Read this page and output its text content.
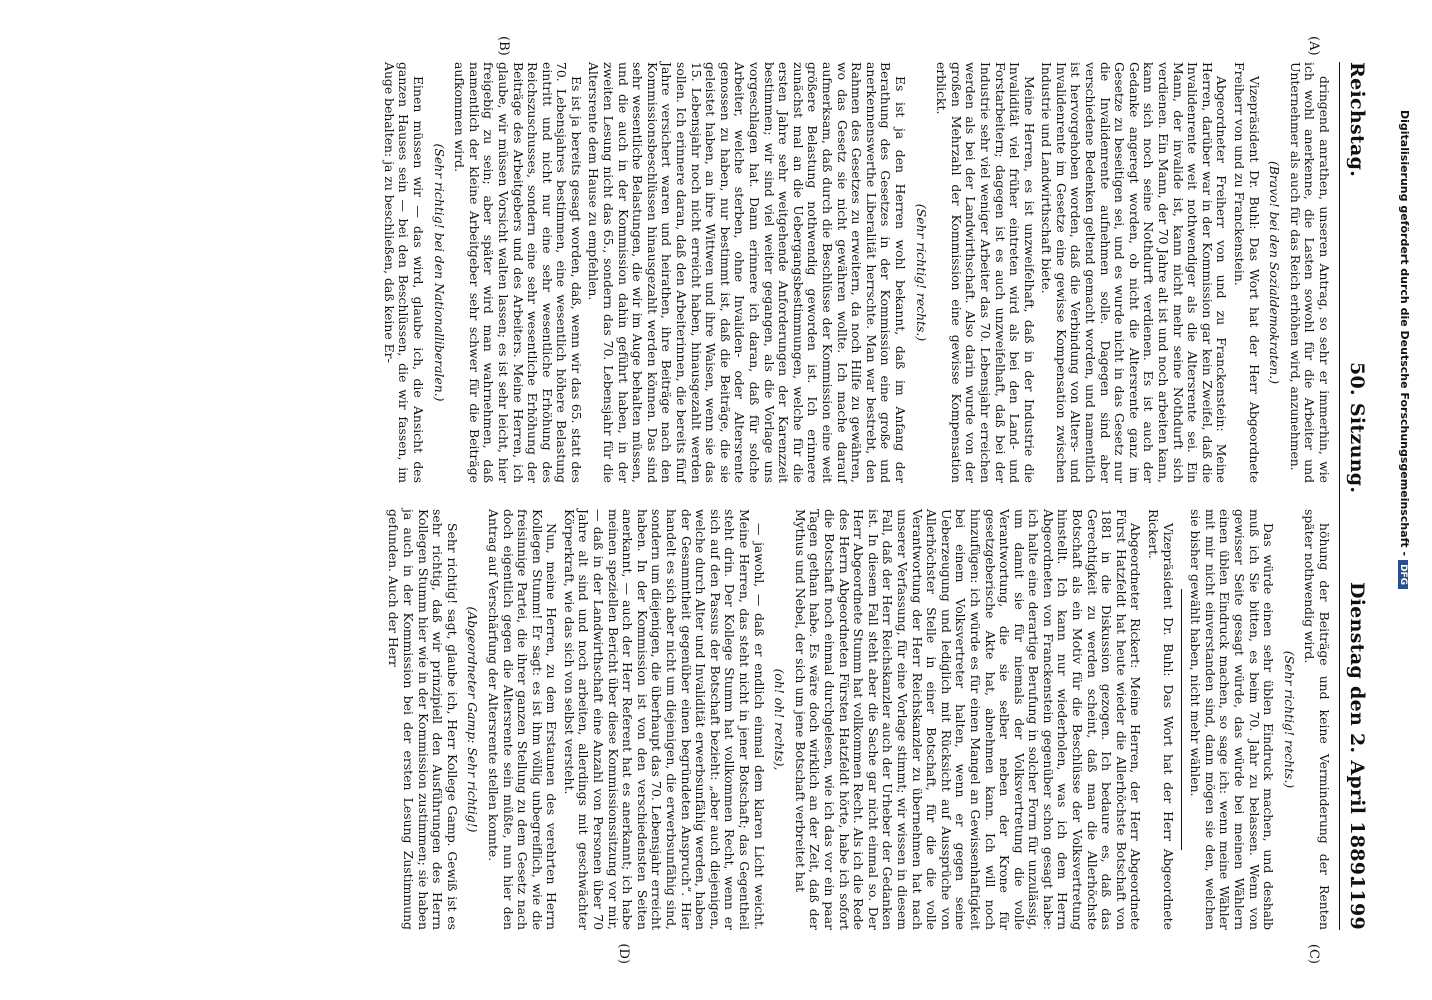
Reichstag.
50. Sitzung.
Dienstag den 2. April 1889.
1199
(A)
(B)
(C)
(D)

dringend anrathen, unseren Antrag, so sehr er immerhin, wie ich wohl anerkenne, die Lasten sowohl für die Arbeiter und Unternehmer als auch für das Reich erhöhen wird, anzunehmen.

(Bravo! bei den Sozialdemokraten.)

Vizepräsident Dr. Buhl: Das Wort hat der Herr Abgeordnete Freiherr von und zu Franckenstein.

Abgeordneter Freiherr von und zu Franckenstein: Meine Herren, darüber war in der Kommission gar kein Zweifel, daß die Invalidenrente weit nothwendiger als die Altersrente sei. Ein Mann, der invalide ist, kann nicht mehr seine Nothdurft sich verdienen. Ein Mann, der 70 Jahre alt ist und noch arbeiten kann, kann sich noch seine Nothdurft verdienen. Es ist auch der Gedanke angeregt worden, ob nicht die Altersrente ganz im Gesetze zu beseitigen sei, und es wurde nicht in das Gesetz nur die Invalidenrente aufnehmen solle. Dagegen sind aber verschiedene Bedenken geltend gemacht worden, und namentlich ist hervorgehoben worden, daß die Verbindung von Alters- und Invalidenrente im Gesetze eine gewisse Kompensation zwischen Industrie und Landwirthschaft biete.

Meine Herren, es ist unzweifelhaft, daß in der Industrie die Invalidität viel früher eintreten wird als bei den Land- und Forstarbeitern; dagegen ist es auch unzweifelhaft, daß bei der Industrie sehr viel weniger Arbeiter das 70. Lebensjahr erreichen werden als bei der Landwirthschaft. Also darin wurde von der großen Mehrzahl der Kommission eine gewisse Kompensation erblickt.

(Sehr richtig! rechts.)

Es ist ja den Herren wohl bekannt, daß im Anfang der Berathung des Gesetzes in der Kommission eine große und anerkennenswerthe Liberalität herrschte. Man war bestrebt, den Rahmen des Gesetzes zu erweitern, da noch Hilfe zu gewähren, wo das Gesetz sie nicht gewähren wollte. Ich mache darauf aufmerksam, daß durch die Beschlüsse der Kommission eine weit größere Belastung nothwendig geworden ist. Ich erinnere zunächst mal an die Uebergangsbestimmungen, welche für die ersten Jahre sehr weitgehende Anforderungen der Karenzzeit bestimmen; wir sind viel weiter gegangen, als die Vorlage uns vorgeschlagen hat. Dann erinnere ich daran, daß für solche Arbeiter, welche sterben, ohne Invaliden- oder Altersrente genossen zu haben, nur bestimmt ist, daß die Beiträge, die sie geleistet haben, an ihre Wittwen und ihre Waisen, wenn sie das 15. Lebensjahr noch nicht erreicht haben, hinausgezahlt werden sollen. Ich erinnere daran, daß den Arbeiterinnen, die bereits fünf Jahre versichert waren und heirathen, ihre Beiträge nach den Kommissionsbeschlüssen hinausgezahlt werden können. Das sind sehr wesentliche Belastungen, die wir im Auge behalten müssen, und die auch in der Kommission dahin geführt haben, in der zweiten Lesung nicht das 65., sondern das 70. Lebensjahr für die Altersrente dem Hause zu empfehlen.

Es ist ja bereits gesagt worden, daß, wenn wir das 65. statt des 70. Lebensjahres bestimmen, eine wesentlich höhere Belastung eintritt und nicht nur eine sehr wesentliche Erhöhung des Reichszuschusses, sondern eine sehr wesentliche Erhöhung der Beiträge des Arbeitgebers und des Arbeiters. Meine Herren, ich glaube, wir müssen Vorsicht walten lassen; es ist sehr leicht, hier freigebig zu sein; aber später wird man wahrnehmen, daß namentlich der kleine Arbeitgeber sehr schwer für die Beiträge aufkommen wird.

(Sehr richtig! bei den Nationalliberalen.)

Einen müssen wir — das wird, glaube ich, die Ansicht des ganzen Hauses sein — bei den Beschlüssen, die wir fassen, im Auge behalten: ja zu beschließen, daß keine Er-

höhung der Beiträge und keine Verminderung der Renten später nothwendig wird.

(Sehr richtig! rechts.)

Das würde einen sehr üblen Eindruck machen, und deshalb muß ich Sie bitten, es beim 70. Jahr zu belassen. Wenn von gewisser Seite gesagt würde, das würde bei meinen Wählern einen üblen Eindruck machen, so sage ich: wenn meine Wähler mit mir nicht einverstanden sind, dann mögen sie den, welchen sie bisher gewählt haben, nicht mehr wählen.

Vizepräsident Dr. Buhl: Das Wort hat der Herr Abgeordnete Rickert.

Abgeordneter Rickert: Meine Herren, der Herr Abgeordnete Fürst Hatzfeldt hat heute wieder die Allerhöchste Botschaft von 1881 in die Diskussion gezogen. Ich bedaure es, daß das Gerechtigkeit zu werden scheint, daß man die Allerhöchste Botschaft als ein Motiv für die Beschlüsse der Volksvertretung hinstellt. Ich kann nur wiederholen, was ich dem Herrn Abgeordneten von Franckenstein gegenüber schon gesagt habe: ich halte eine derartige Berufung in solcher Form für unzulässig, um damit sie für niemals der Volksvertretung die volle Verantwortung, die sie selber neben der Krone für gesetzgeberische Akte hat, abnehmen kann. Ich will noch hinzufügen: ich würde es für einen Mangel an Gewissenhaftigkeit bei einem Volksvertreter halten, wenn er gegen seine Ueberzeugung und lediglich mit Rücksicht auf Aussprüche von Allerhöchster Stelle in einer Botschaft, für die die volle Verantwortung der Herr Reichskanzler zu übernehmen hat nach unserer Verfassung, für eine Vorlage stimmt; wir wissen in diesem Fall, daß der Herr Reichskanzler auch der Urheber der Gedanken ist. In diesem Fall steht aber die Sache gar nicht einmal so. Der Herr Abgeordnete Stumm hat vollkommen Recht. Als ich die Rede des Herrn Abgeordneten Fürsten Hatzfeldt hörte, habe ich sofort die Botschaft noch einmal durchgelesen, wie ich das vor ein paar Tagen gethan habe. Es wäre doch wirklich an der Zeit, daß der Mythus und Nebel, der sich um jene Botschaft verbreitet hat

(oh! oh! rechts),

— jawohl, — daß er endlich einmal dem klaren Licht weicht. Meine Herren, das steht nicht in jener Botschaft; das Gegentheil steht drin. Der Kollege Stumm hat vollkommen Recht, wenn er sich auf den Passus der Botschaft bezieht: „aber auch diejenigen, welche durch Alter und Invalidität erwerbsunfähig werden, haben der Gesammtheit gegenüber einen begründeten Anspruch“. Hier handelt es sich aber nicht um diejenigen, die erwerbsunfähig sind, sondern um diejenigen, die überhaupt das 70. Lebensjahr erreicht haben. In der Kommission ist von den verschiedensten Seiten anerkannt, — auch der Herr Referent hat es anerkannt; ich habe meinen speziellen Bericht über diese Kommissionssitzung vor mir, — daß in der Landwirthschaft eine Anzahl von Personen über 70 Jahre alt sind und noch arbeiten, allerdings mit geschwächter Körperkraft, wie das sich von selbst versteht.

Nun, meine Herren, zu dem Erstaunen des verehrten Herrn Kollegen Stumm! Er sagt: es ist ihm völlig unbegreiflich, wie die freisinnige Partei, die ihrer ganzen Stellung zu dem Gesetz nach doch eigentlich gegen die Altersrente sein müßte, nun hier den Antrag auf Verschärfung der Altersrente stellen konnte.

(Abgeordneter Gamp: Sehr richtig!)

Sehr richtig! sagt, glaube ich, Herr Kollege Gamp. Gewiß ist es sehr richtig, daß wir prinzipiell den Ausführungen des Herrn Kollegen Stumm hier wie in der Kommission zustimmen; sie haben ja auch in der Kommission bei der ersten Lesung Zustimmung gefunden. Auch der Herr

Digitalisierung gefördert durch die Deutsche Forschungsgemeinschaft -DFG
